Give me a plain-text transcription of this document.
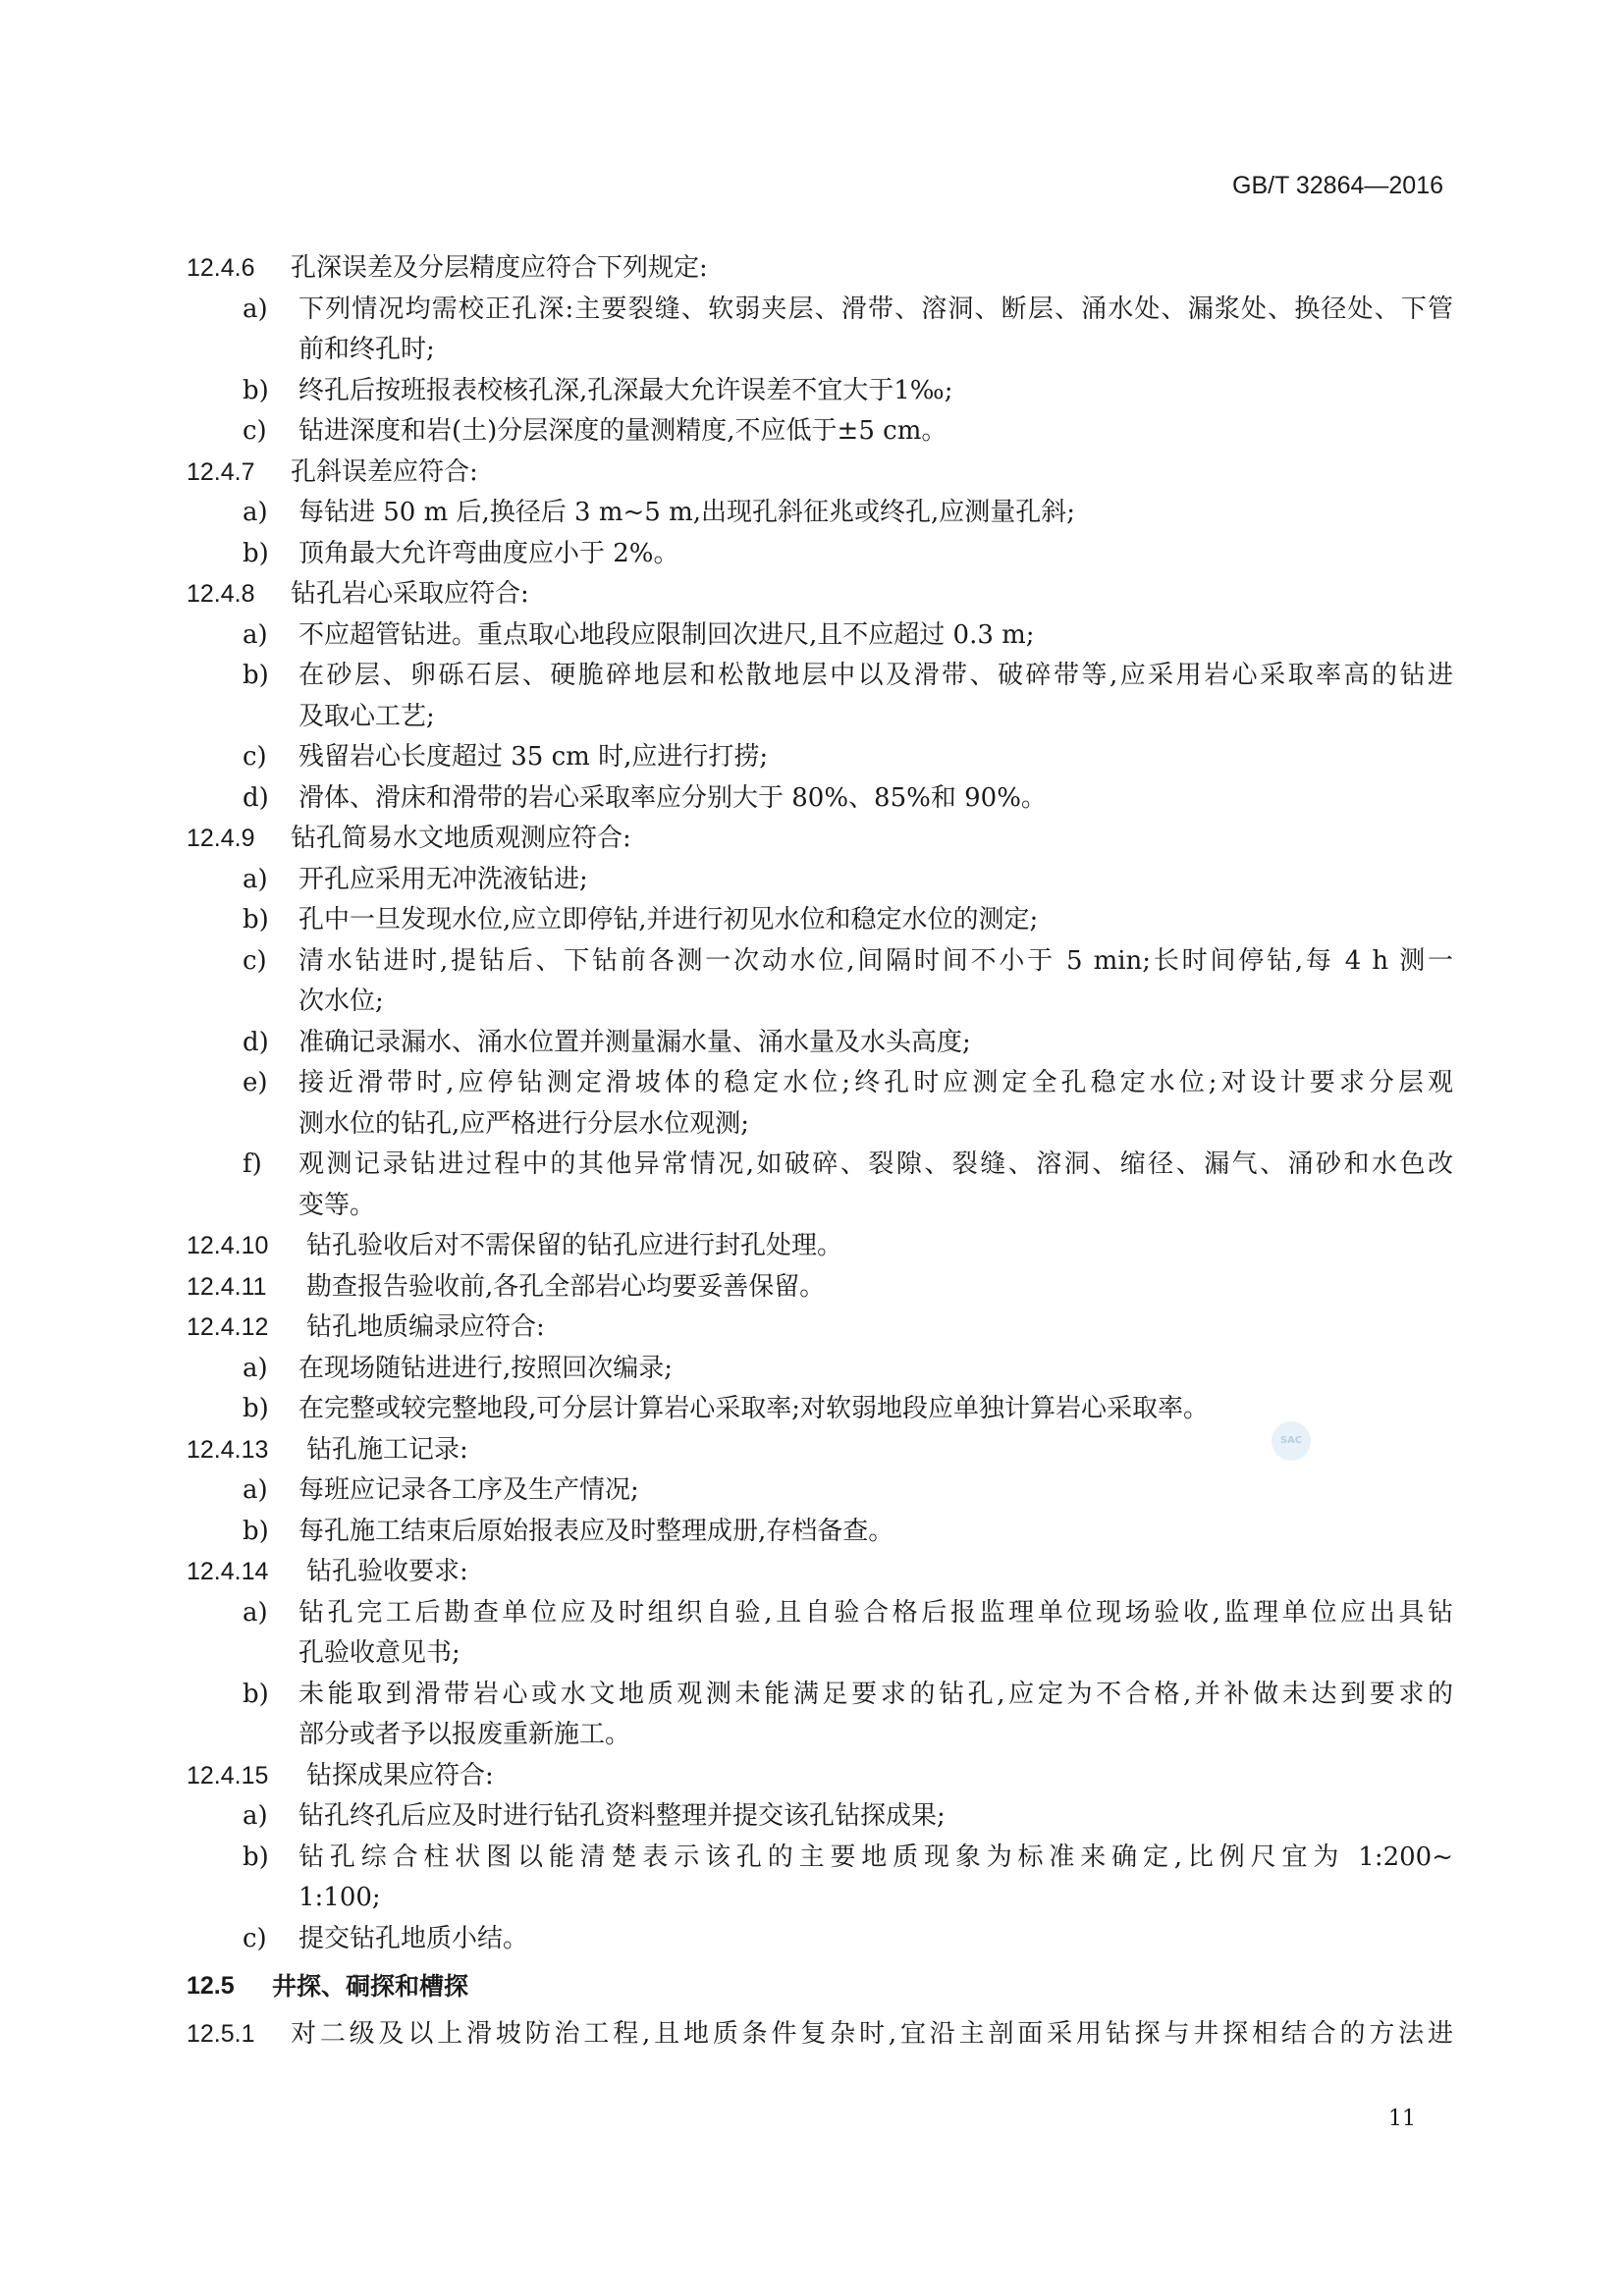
GB/T 32864—2016
12.4.6 孔深误差及分层精度应符合下列规定:
a) 下列情况均需校正孔深:主要裂缝、软弱夹层、滑带、溶洞、断层、涌水处、漏浆处、换径处、下管
前和终孔时;
b) 终孔后按班报表校核孔深,孔深最大允许误差不宜大于1‰;
c) 钻进深度和岩(土)分层深度的量测精度,不应低于±5 cm。
12.4.7 孔斜误差应符合:
a) 每钻进 50 m 后,换径后 3 m~5 m,出现孔斜征兆或终孔,应测量孔斜;
b) 顶角最大允许弯曲度应小于 2%。
12.4.8 钻孔岩心采取应符合:
a) 不应超管钻进。重点取心地段应限制回次进尺,且不应超过 0.3 m;
b) 在砂层、卵砾石层、硬脆碎地层和松散地层中以及滑带、破碎带等,应采用岩心采取率高的钻进
及取心工艺;
c) 残留岩心长度超过 35 cm 时,应进行打捞;
d) 滑体、滑床和滑带的岩心采取率应分别大于 80%、85%和 90%。
12.4.9 钻孔简易水文地质观测应符合:
a) 开孔应采用无冲洗液钻进;
b) 孔中一旦发现水位,应立即停钻,并进行初见水位和稳定水位的测定;
c) 清水钻进时,提钻后、下钻前各测一次动水位,间隔时间不小于 5 min;长时间停钻,每 4 h 测一
次水位;
d) 准确记录漏水、涌水位置并测量漏水量、涌水量及水头高度;
e) 接近滑带时,应停钻测定滑坡体的稳定水位;终孔时应测定全孔稳定水位;对设计要求分层观
测水位的钻孔,应严格进行分层水位观测;
f) 观测记录钻进过程中的其他异常情况,如破碎、裂隙、裂缝、溶洞、缩径、漏气、涌砂和水色改
变等。
12.4.10 钻孔验收后对不需保留的钻孔应进行封孔处理。
12.4.11 勘查报告验收前,各孔全部岩心均要妥善保留。
12.4.12 钻孔地质编录应符合:
a) 在现场随钻进进行,按照回次编录;
b) 在完整或较完整地段,可分层计算岩心采取率;对软弱地段应单独计算岩心采取率。
12.4.13 钻孔施工记录:
a) 每班应记录各工序及生产情况;
b) 每孔施工结束后原始报表应及时整理成册,存档备查。
12.4.14 钻孔验收要求:
a) 钻孔完工后勘查单位应及时组织自验,且自验合格后报监理单位现场验收,监理单位应出具钻
孔验收意见书;
b) 未能取到滑带岩心或水文地质观测未能满足要求的钻孔,应定为不合格,并补做未达到要求的
部分或者予以报废重新施工。
12.4.15 钻探成果应符合:
a) 钻孔终孔后应及时进行钻孔资料整理并提交该孔钻探成果;
b) 钻孔综合柱状图以能清楚表示该孔的主要地质现象为标准来确定,比例尺宜为 1:200~
1:100;
c) 提交钻孔地质小结。
12.5 井探、硐探和槽探
12.5.1 对二级及以上滑坡防治工程,且地质条件复杂时,宜沿主剖面采用钻探与井探相结合的方法进
SAC
11
